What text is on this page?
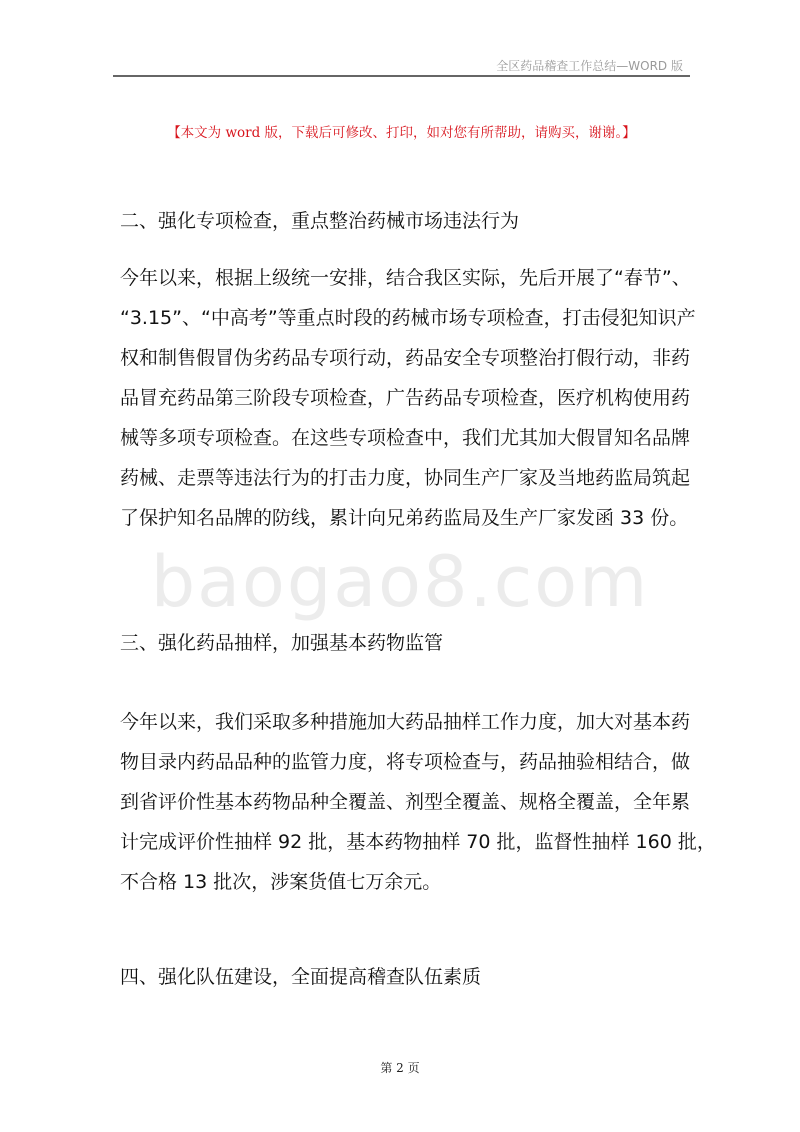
全区药品稽查工作总结—WORD 版
【本文为 word 版，下载后可修改、打印，如对您有所帮助，请购买，谢谢。】
baogao8.com
二、强化专项检查，重点整治药械市场违法行为
今年以来，根据上级统一安排，结合我区实际，先后开展了“春节”、
“3.15”、“中高考”等重点时段的药械市场专项检查，打击侵犯知识产
权和制售假冒伪劣药品专项行动，药品安全专项整治打假行动，非药
品冒充药品第三阶段专项检查，广告药品专项检查，医疗机构使用药
械等多项专项检查。在这些专项检查中，我们尤其加大假冒知名品牌
药械、走票等违法行为的打击力度，协同生产厂家及当地药监局筑起
了保护知名品牌的防线，累计向兄弟药监局及生产厂家发函 33 份。
三、强化药品抽样，加强基本药物监管
今年以来，我们采取多种措施加大药品抽样工作力度，加大对基本药
物目录内药品品种的监管力度，将专项检查与，药品抽验相结合，做
到省评价性基本药物品种全覆盖、剂型全覆盖、规格全覆盖，全年累
计完成评价性抽样 92 批，基本药物抽样 70 批，监督性抽样 160 批，
不合格 13 批次，涉案货值七万余元。
四、强化队伍建设，全面提高稽查队伍素质
第 2 页
